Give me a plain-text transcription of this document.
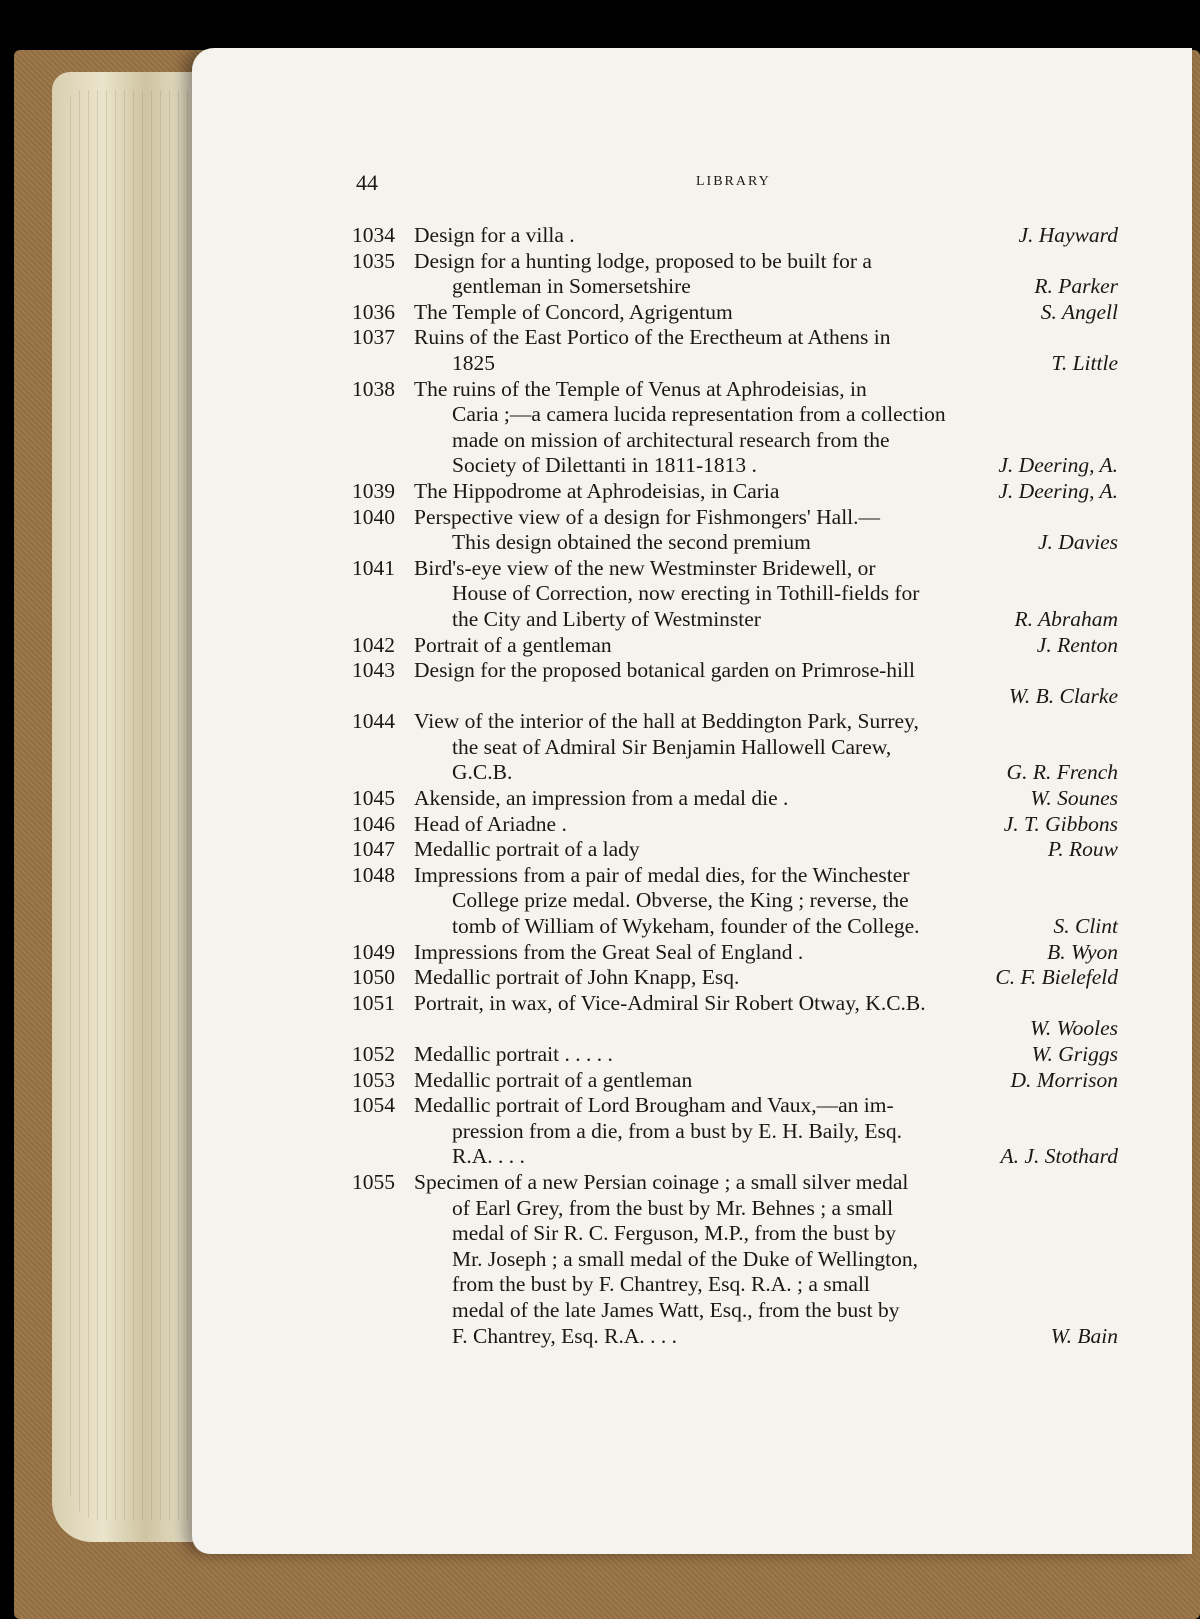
44	LIBRARY
1034 Design for a villa .	J. Hayward
1035 Design for a hunting lodge, proposed to be built for a
gentleman in Somersetshire	R. Parker
1036 The Temple of Concord, Agrigentum	S. Angell
1037 Ruins of the East Portico of the Erectheum at Athens in
1825	T. Little
1038 The ruins of the Temple of Venus at Aphrodeisias, in
Caria ;—a camera lucida representation from a collection
made on mission of architectural research from the
Society of Dilettanti in 1811-1813 .	J. Deering, A.
1039 The Hippodrome at Aphrodeisias, in Caria	J. Deering, A.
1040 Perspective view of a design for Fishmongers' Hall.—
This design obtained the second premium	J. Davies
1041 Bird's-eye view of the new Westminster Bridewell, or
House of Correction, now erecting in Tothill-fields for
the City and Liberty of Westminster	R. Abraham
1042 Portrait of a gentleman	J. Renton
1043 Design for the proposed botanical garden on Primrose-hill
W. B. Clarke
1044 View of the interior of the hall at Beddington Park, Surrey,
the seat of Admiral Sir Benjamin Hallowell Carew,
G.C.B.	G. R. French
1045 Akenside, an impression from a medal die .	W. Sounes
1046 Head of Ariadne .	J. T. Gibbons
1047 Medallic portrait of a lady	P. Rouw
1048 Impressions from a pair of medal dies, for the Winchester
College prize medal. Obverse, the King ; reverse, the
tomb of William of Wykeham, founder of the College.	S. Clint
1049 Impressions from the Great Seal of England .	B. Wyon
1050 Medallic portrait of John Knapp, Esq.	C. F. Bielefeld
1051 Portrait, in wax, of Vice-Admiral Sir Robert Otway, K.C.B.
W. Wooles
1052 Medallic portrait . . . . .	W. Griggs
1053 Medallic portrait of a gentleman	D. Morrison
1054 Medallic portrait of Lord Brougham and Vaux,—an im-
pression from a die, from a bust by E. H. Baily, Esq.
R.A. . . .	A. J. Stothard
1055 Specimen of a new Persian coinage ; a small silver medal
of Earl Grey, from the bust by Mr. Behnes ; a small
medal of Sir R. C. Ferguson, M.P., from the bust by
Mr. Joseph ; a small medal of the Duke of Wellington,
from the bust by F. Chantrey, Esq. R.A. ; a small
medal of the late James Watt, Esq., from the bust by
F. Chantrey, Esq. R.A. . . .	W. Bain
